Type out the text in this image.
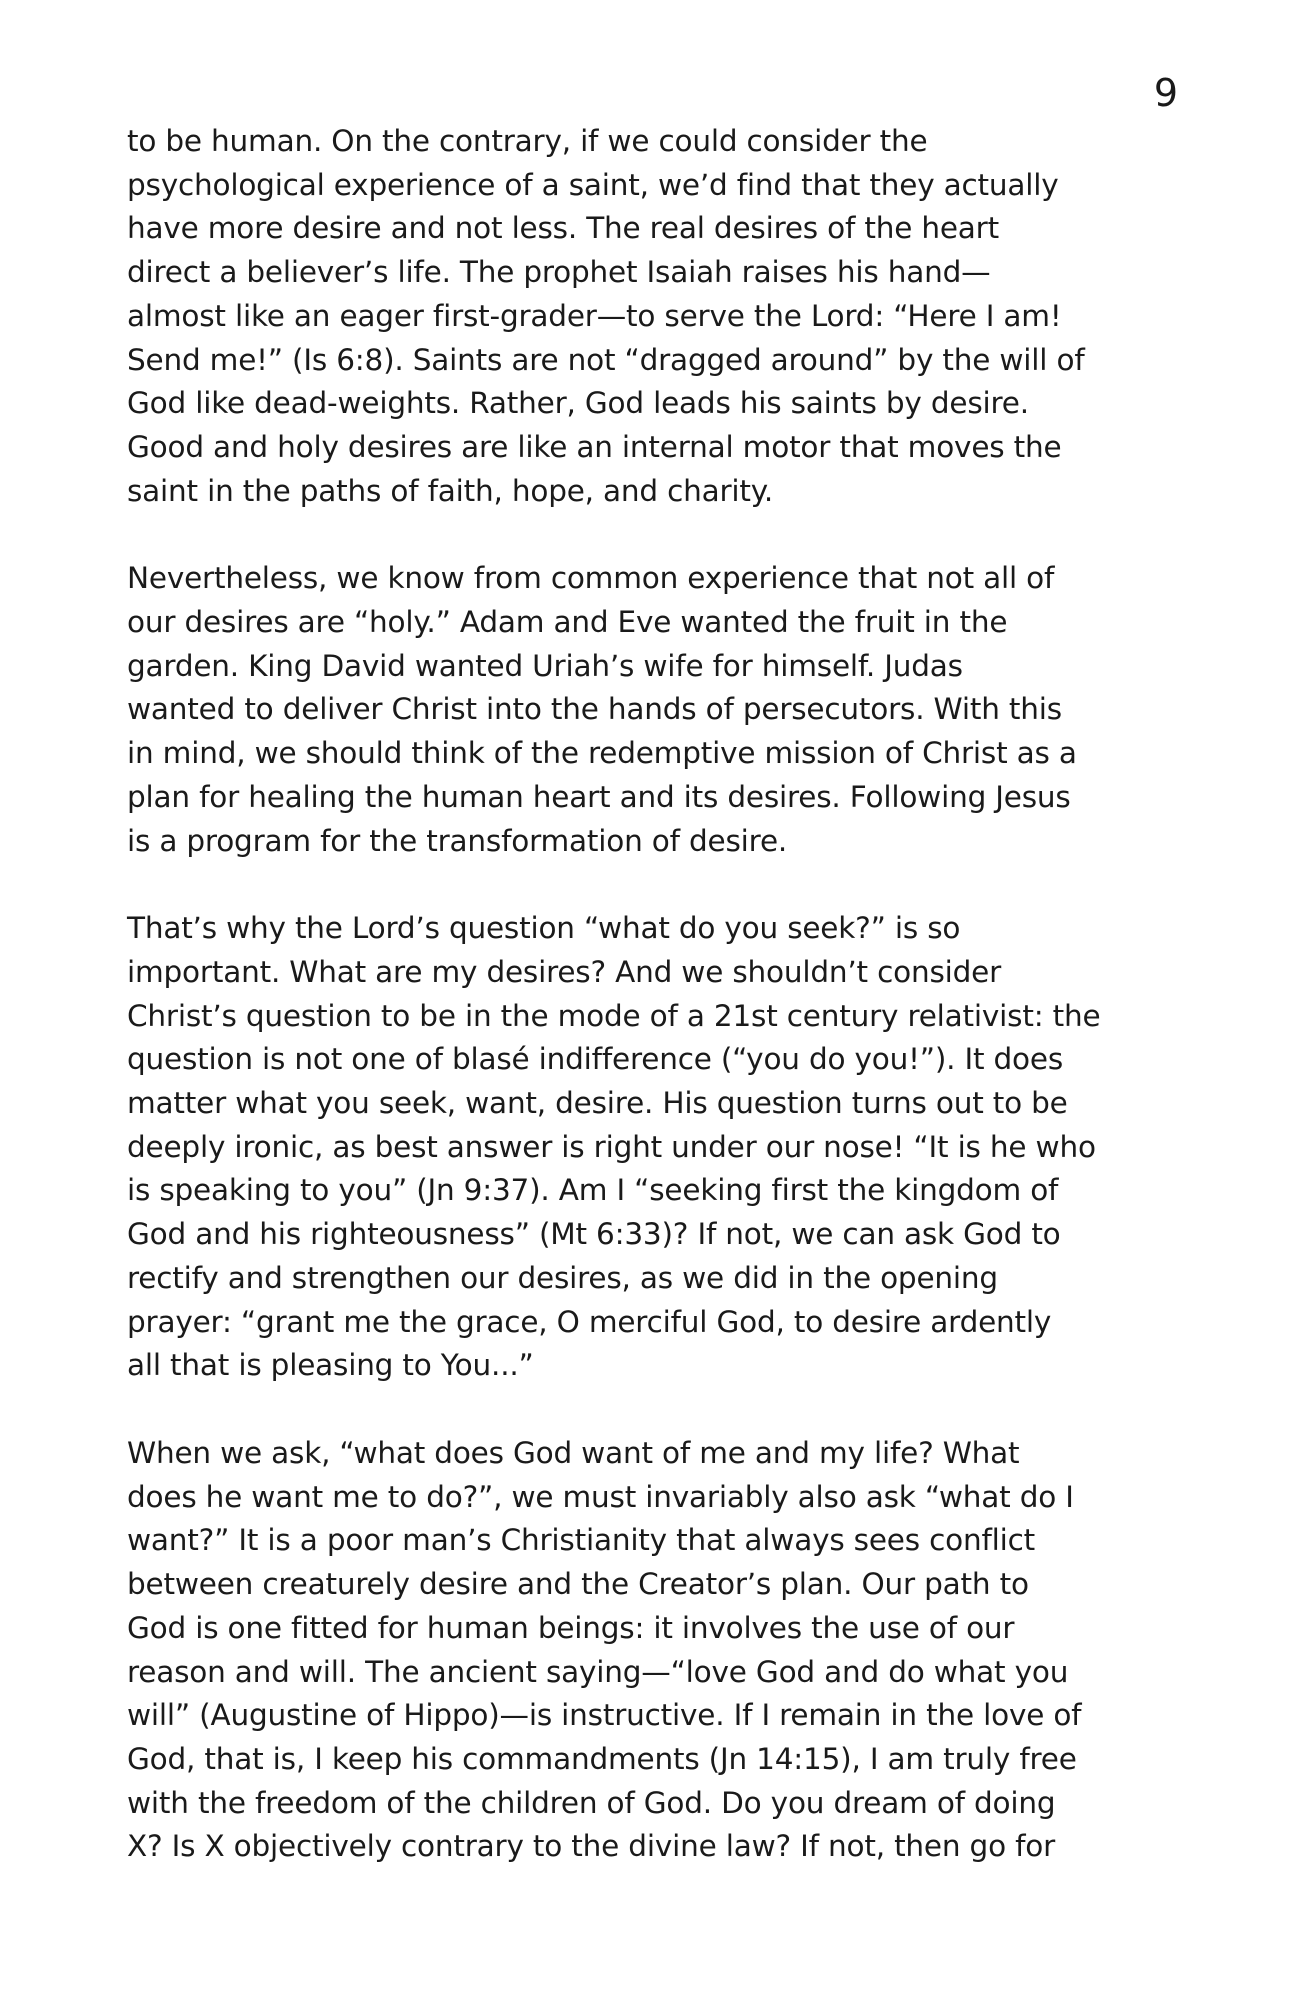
9

to be human. On the contrary, if we could consider the
psychological experience of a saint, we’d find that they actually
have more desire and not less. The real desires of the heart
direct a believer’s life. The prophet Isaiah raises his hand—
almost like an eager first-grader—to serve the Lord: “Here I am!
Send me!” (Is 6:8). Saints are not “dragged around” by the will of
God like dead-weights. Rather, God leads his saints by desire.
Good and holy desires are like an internal motor that moves the
saint in the paths of faith, hope, and charity.

Nevertheless, we know from common experience that not all of
our desires are “holy.” Adam and Eve wanted the fruit in the
garden. King David wanted Uriah’s wife for himself. Judas
wanted to deliver Christ into the hands of persecutors. With this
in mind, we should think of the redemptive mission of Christ as a
plan for healing the human heart and its desires. Following Jesus
is a program for the transformation of desire.

That’s why the Lord’s question “what do you seek?” is so
important. What are my desires? And we shouldn’t consider
Christ’s question to be in the mode of a 21st century relativist: the
question is not one of blasé indifference (“you do you!”). It does
matter what you seek, want, desire. His question turns out to be
deeply ironic, as best answer is right under our nose! “It is he who
is speaking to you” (Jn 9:37). Am I “seeking first the kingdom of
God and his righteousness” (Mt 6:33)? If not, we can ask God to
rectify and strengthen our desires, as we did in the opening
prayer: “grant me the grace, O merciful God, to desire ardently
all that is pleasing to You...”

When we ask, “what does God want of me and my life? What
does he want me to do?”, we must invariably also ask “what do I
want?” It is a poor man’s Christianity that always sees conflict
between creaturely desire and the Creator’s plan. Our path to
God is one fitted for human beings: it involves the use of our
reason and will. The ancient saying—“love God and do what you
will” (Augustine of Hippo)—is instructive. If I remain in the love of
God, that is, I keep his commandments (Jn 14:15), I am truly free
with the freedom of the children of God. Do you dream of doing
X? Is X objectively contrary to the divine law? If not, then go for
